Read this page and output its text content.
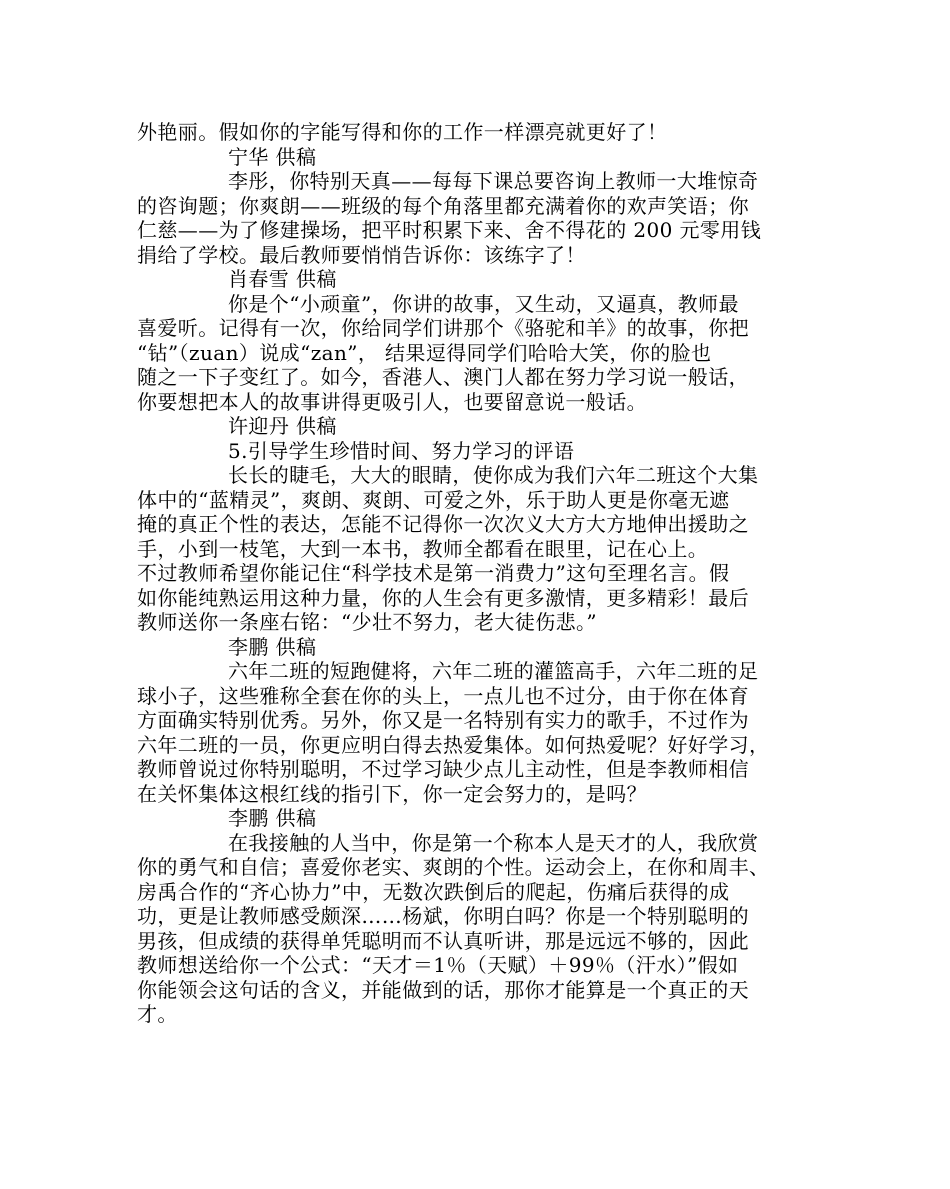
外艳丽。假如你的字能写得和你的工作一样漂亮就更好了！
宁华 供稿
李彤，你特别天真——每每下课总要咨询上教师一大堆惊奇
的咨询题；你爽朗——班级的每个角落里都充满着你的欢声笑语；你
仁慈——为了修建操场，把平时积累下来、舍不得花的 200 元零用钱
捐给了学校。最后教师要悄悄告诉你：该练字了！
肖春雪 供稿
你是个“小顽童”，你讲的故事，又生动，又逼真，教师最
喜爱听。记得有一次，你给同学们讲那个《骆驼和羊》的故事，你把
“钻”（zuan）说成“zan”， 结果逗得同学们哈哈大笑，你的脸也
随之一下子变红了。如今，香港人、澳门人都在努力学习说一般话，
你要想把本人的故事讲得更吸引人，也要留意说一般话。
许迎丹 供稿
5.引导学生珍惜时间、努力学习的评语
长长的睫毛，大大的眼睛，使你成为我们六年二班这个大集
体中的“蓝精灵”，爽朗、爽朗、可爱之外，乐于助人更是你毫无遮
掩的真正个性的表达，怎能不记得你一次次义大方大方地伸出援助之
手，小到一枝笔，大到一本书，教师全都看在眼里，记在心上。
不过教师希望你能记住“科学技术是第一消费力”这句至理名言。假
如你能纯熟运用这种力量，你的人生会有更多激情，更多精彩！最后
教师送你一条座右铭：“少壮不努力，老大徒伤悲。”
李鹏 供稿
六年二班的短跑健将，六年二班的灌篮高手，六年二班的足
球小子，这些雅称全套在你的头上，一点儿也不过分，由于你在体育
方面确实特别优秀。另外，你又是一名特别有实力的歌手，不过作为
六年二班的一员，你更应明白得去热爱集体。如何热爱呢？好好学习，
教师曾说过你特别聪明，不过学习缺少点儿主动性，但是李教师相信
在关怀集体这根红线的指引下，你一定会努力的，是吗？
李鹏 供稿
在我接触的人当中，你是第一个称本人是天才的人，我欣赏
你的勇气和自信；喜爱你老实、爽朗的个性。运动会上，在你和周丰、
房禹合作的“齐心协力”中，无数次跌倒后的爬起，伤痛后获得的成
功，更是让教师感受颇深……杨斌，你明白吗？你是一个特别聪明的
男孩，但成绩的获得单凭聪明而不认真听讲，那是远远不够的，因此
教师想送给你一个公式：“天才＝1％（天赋）＋99％（汗水）”假如
你能领会这句话的含义，并能做到的话，那你才能算是一个真正的天
才。
